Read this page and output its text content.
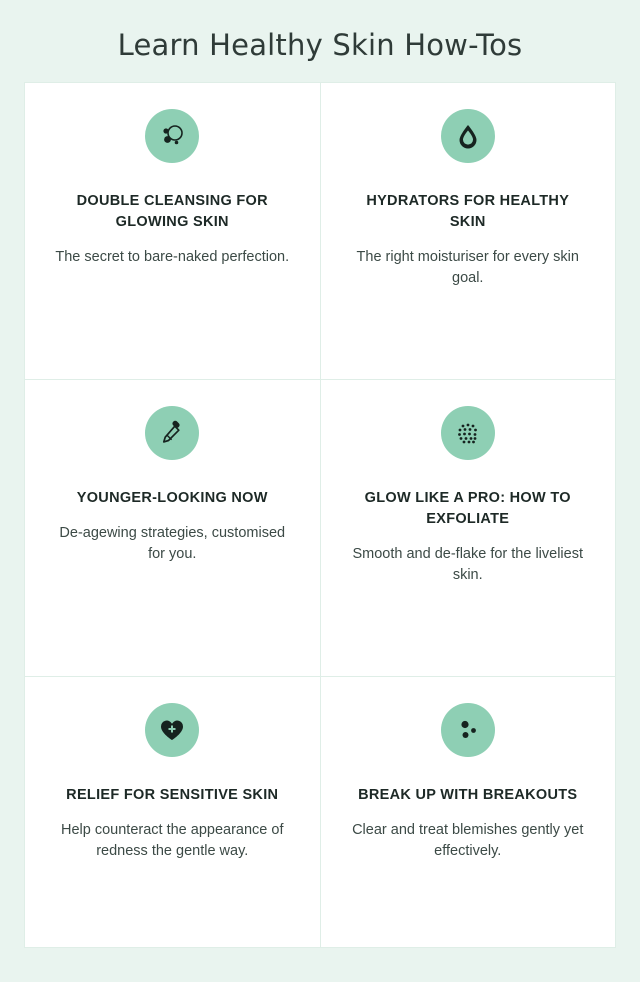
Learn Healthy Skin How-Tos

DOUBLE CLEANSING FOR GLOWING SKIN

The secret to bare-naked perfection.

HYDRATORS FOR HEALTHY SKIN

The right moisturiser for every skin goal.

YOUNGER-LOOKING NOW

De-agewing strategies, customised for you.

GLOW LIKE A PRO: HOW TO EXFOLIATE

Smooth and de-flake for the liveliest skin.

RELIEF FOR SENSITIVE SKIN

Help counteract the appearance of redness the gentle way.

BREAK UP WITH BREAKOUTS

Clear and treat blemishes gently yet effectively.
